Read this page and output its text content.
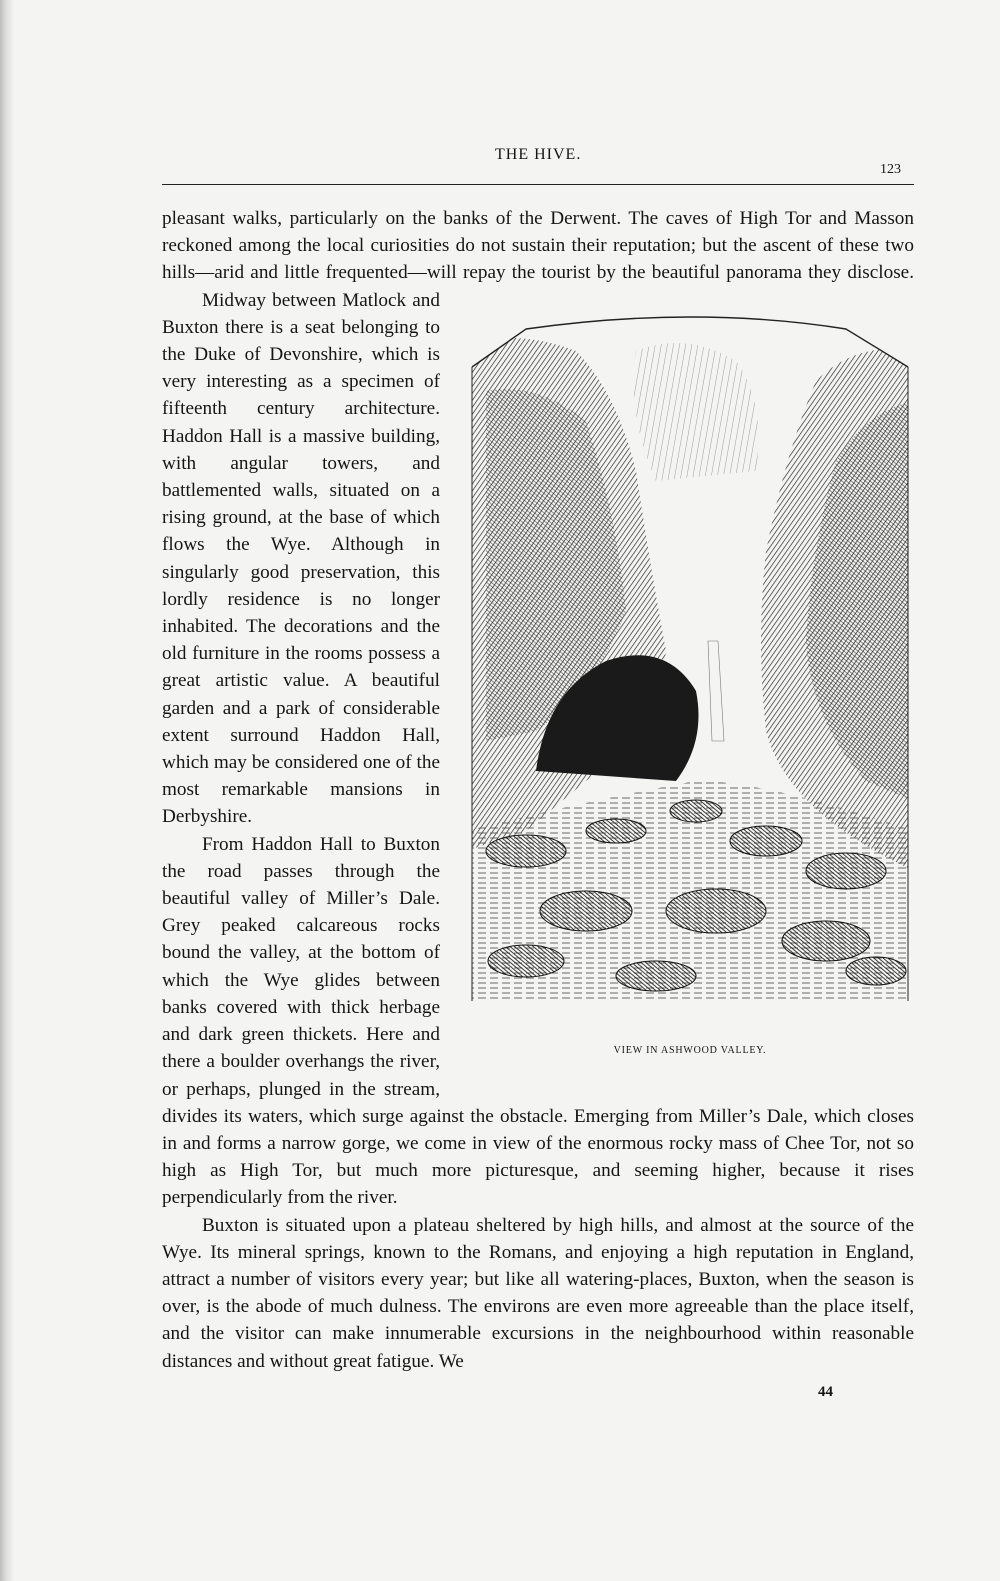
THE HIVE.
123

pleasant walks, particularly on the banks of the Derwent. The caves of High Tor and Masson reckoned among the local curiosities do not sustain their reputation; but the ascent of these two hills—arid and little frequented—will repay the tourist by the beautiful panorama they disclose.

VIEW IN ASHWOOD VALLEY.

Midway between Matlock and Buxton there is a seat belonging to the Duke of Devonshire, which is very interesting as a specimen of fifteenth century architecture. Haddon Hall is a massive building, with angular towers, and battlemented walls, situated on a rising ground, at the base of which flows the Wye. Although in singularly good preservation, this lordly residence is no longer inhabited. The decorations and the old furniture in the rooms possess a great artistic value. A beautiful garden and a park of considerable extent surround Haddon Hall, which may be considered one of the most remarkable mansions in Derbyshire.

From Haddon Hall to Buxton the road passes through the beautiful valley of Miller’s Dale. Grey peaked calcareous rocks bound the valley, at the bottom of which the Wye glides between banks covered with thick herbage and dark green thickets. Here and there a boulder overhangs the river, or perhaps, plunged in the stream, divides its waters, which surge against the obstacle. Emerging from Miller’s Dale, which closes in and forms a narrow gorge, we come in view of the enormous rocky mass of Chee Tor, not so high as High Tor, but much more picturesque, and seeming higher, because it rises perpendicularly from the river.

Buxton is situated upon a plateau sheltered by high hills, and almost at the source of the Wye. Its mineral springs, known to the Romans, and enjoying a high reputation in England, attract a number of visitors every year; but like all watering-places, Buxton, when the season is over, is the abode of much dulness. The environs are even more agreeable than the place itself, and the visitor can make innumerable excursions in the neighbourhood within reasonable distances and without great fatigue. We

44
